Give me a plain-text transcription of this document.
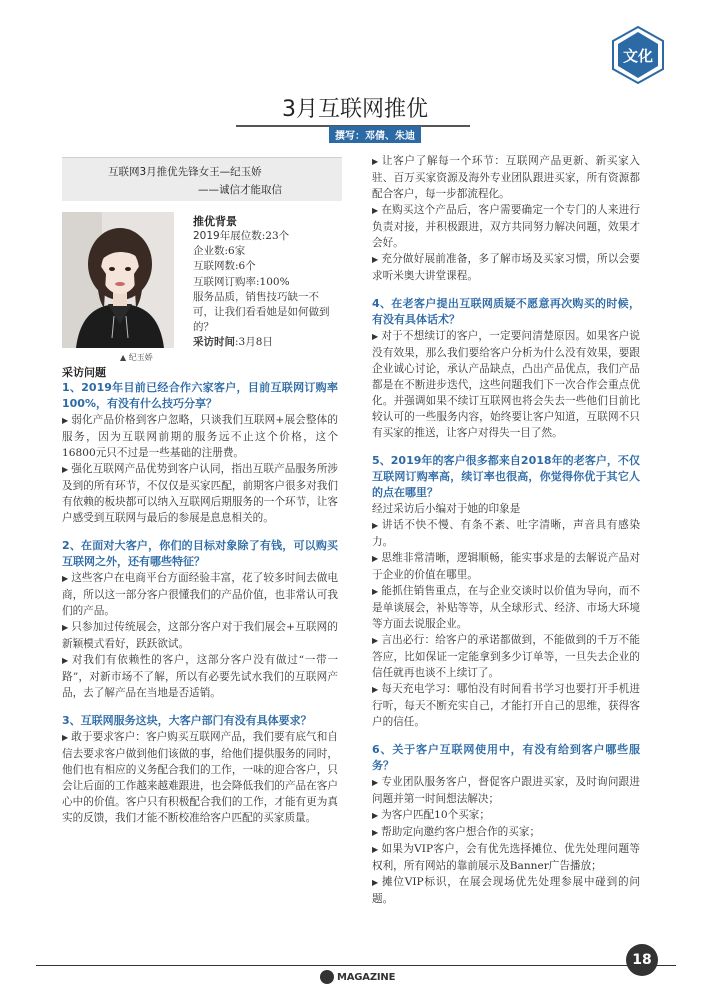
文化
3月互联网推优
撰写：邓倩、朱迪
互联网3月推优先锋女王—纪玉娇
——诚信才能取信
▲ 纪玉娇
推优背景
2019年展位数:23个
企业数:6家
互联网数:6个
互联网订购率:100%
服务品质，销售技巧缺一不可，让我们看看她是如何做到的？
采访时间:3月8日
采访问题
1、2019年目前已经合作六家客户，目前互联网订购率100%，有没有什么技巧分享？

▶ 弱化产品价格到客户忽略，只谈我们互联网+展会整体的服务，因为互联网前期的服务远不止这个价格，这个16800元只不过是一些基础的注册费。

▶ 强化互联网产品优势到客户认同，指出互联产品服务所涉及到的所有环节，不仅仅是买家匹配，前期客户很多对我们有依赖的板块都可以纳入互联网后期服务的一个环节，让客户感受到互联网与最后的参展是息息相关的。

2、在面对大客户，你们的目标对象除了有钱，可以购买互联网之外，还有哪些特征？

▶ 这些客户在电商平台方面经验丰富，花了较多时间去做电商，所以这一部分客户很懂我们的产品价值，也非常认可我们的产品。

▶ 只参加过传统展会，这部分客户对于我们展会+互联网的新颖模式看好，跃跃欲试。

▶ 对我们有依赖性的客户，这部分客户没有做过“一带一路”，对新市场不了解，所以有必要先试水我们的互联网产品，去了解产品在当地是否适销。

3、互联网服务这块，大客户部门有没有具体要求？

▶ 敢于要求客户：客户购买互联网产品，我们要有底气和自信去要求客户做到他们该做的事，给他们提供服务的同时，他们也有相应的义务配合我们的工作，一味的迎合客户，只会让后面的工作越来越难跟进，也会降低我们的产品在客户心中的价值。客户只有积极配合我们的工作，才能有更为真实的反馈，我们才能不断校准给客户匹配的买家质量。

▶ 让客户了解每一个环节：互联网产品更新、新买家入驻、百万买家资源及海外专业团队跟进买家，所有资源都配合客户，每一步都流程化。

▶ 在购买这个产品后，客户需要确定一个专门的人来进行负责对接，并积极跟进，双方共同努力解决问题，效果才会好。

▶ 充分做好展前准备，多了解市场及买家习惯，所以会要求听米奥大讲堂课程。

4、在老客户提出互联网质疑不愿意再次购买的时候，有没有具体话术？

▶ 对于不想续订的客户，一定要问清楚原因。如果客户说没有效果，那么我们要给客户分析为什么没有效果，要跟企业诚心讨论，承认产品缺点，凸出产品优点，我们产品都是在不断进步迭代，这些问题我们下一次合作会重点优化。并强调如果不续订互联网也将会失去一些他们目前比较认可的一些服务内容，始终要让客户知道，互联网不只有买家的推送，让客户对得失一目了然。

5、2019年的客户很多都来自2018年的老客户，不仅互联网订购率高，续订率也很高，你觉得你优于其它人的点在哪里？

经过采访后小编对于她的印象是

▶ 讲话不快不慢、有条不紊、吐字清晰，声音具有感染力。

▶ 思维非常清晰，逻辑顺畅，能实事求是的去解说产品对于企业的价值在哪里。

▶ 能抓住销售重点，在与企业交谈时以价值为导向，而不是单谈展会，补贴等等，从全球形式、经济、市场大环境等方面去说服企业。

▶ 言出必行：给客户的承诺都做到，不能做到的千万不能答应，比如保证一定能拿到多少订单等，一旦失去企业的信任就再也谈不上续订了。

▶ 每天充电学习：哪怕没有时间看书学习也要打开手机进行听，每天不断充实自己，才能打开自己的思维，获得客户的信任。

6、关于客户互联网使用中，有没有给到客户哪些服务？

▶ 专业团队服务客户，督促客户跟进买家，及时询问跟进问题并第一时间想法解决；

▶ 为客户匹配10个买家；

▶ 帮助定向邀约客户想合作的买家；

▶ 如果为VIP客户，会有优先选择摊位、优先处理问题等权利，所有网站的靠前展示及Banner广告播放；

▶ 摊位VIP标识，在展会现场优先处理参展中碰到的问题。

18
MAGAZINE
